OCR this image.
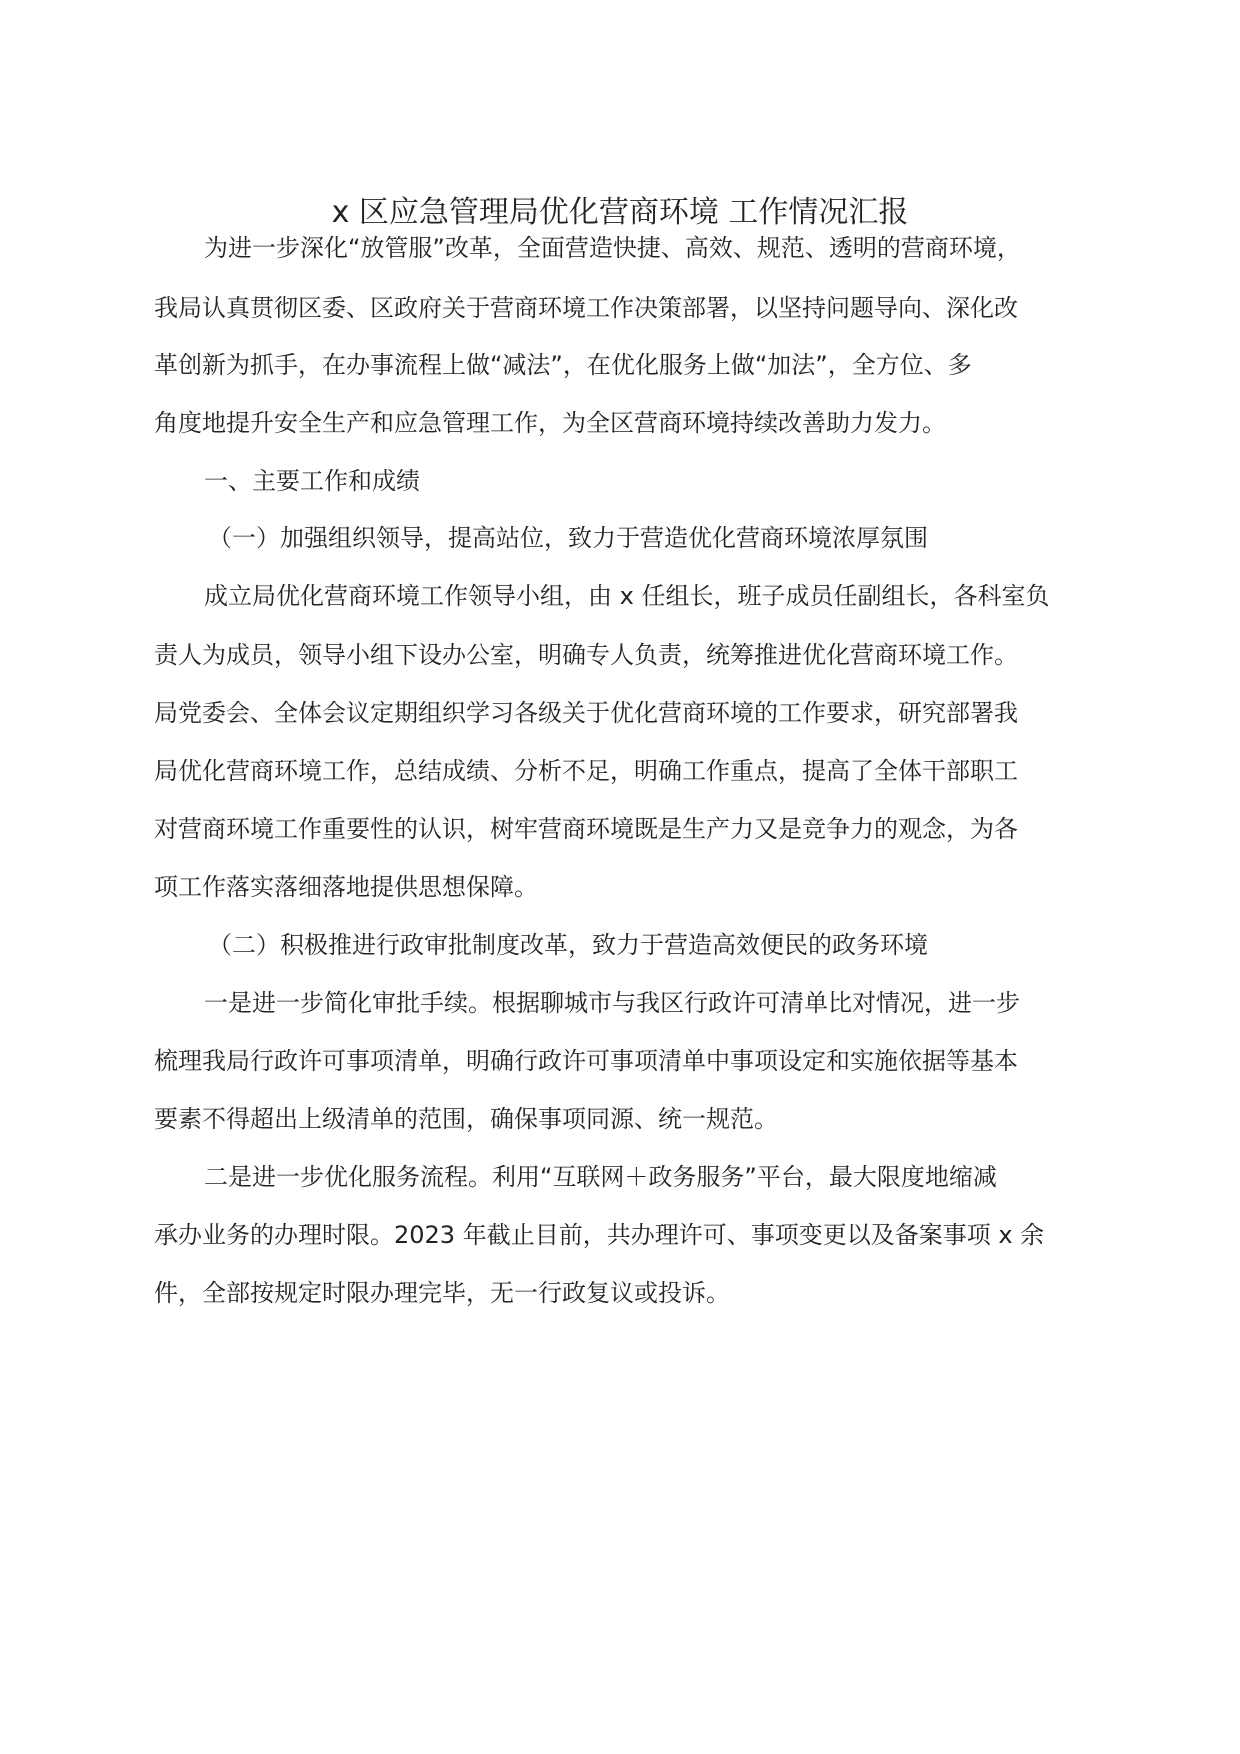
x 区应急管理局优化营商环境 工作情况汇报
为进一步深化“放管服”改革，全面营造快捷、高效、规范、透明的营商环境，
我局认真贯彻区委、区政府关于营商环境工作决策部署，以坚持问题导向、深化改
革创新为抓手，在办事流程上做“减法”，在优化服务上做“加法”，全方位、多
角度地提升安全生产和应急管理工作，为全区营商环境持续改善助力发力。
一、主要工作和成绩
（一）加强组织领导，提高站位，致力于营造优化营商环境浓厚氛围
成立局优化营商环境工作领导小组，由 x 任组长，班子成员任副组长，各科室负
责人为成员，领导小组下设办公室，明确专人负责，统筹推进优化营商环境工作。
局党委会、全体会议定期组织学习各级关于优化营商环境的工作要求，研究部署我
局优化营商环境工作，总结成绩、分析不足，明确工作重点，提高了全体干部职工
对营商环境工作重要性的认识，树牢营商环境既是生产力又是竞争力的观念，为各
项工作落实落细落地提供思想保障。
（二）积极推进行政审批制度改革，致力于营造高效便民的政务环境
一是进一步简化审批手续。根据聊城市与我区行政许可清单比对情况，进一步
梳理我局行政许可事项清单，明确行政许可事项清单中事项设定和实施依据等基本
要素不得超出上级清单的范围，确保事项同源、统一规范。
二是进一步优化服务流程。利用“互联网＋政务服务”平台，最大限度地缩减
承办业务的办理时限。2023 年截止目前，共办理许可、事项变更以及备案事项 x 余
件，全部按规定时限办理完毕，无一行政复议或投诉。
